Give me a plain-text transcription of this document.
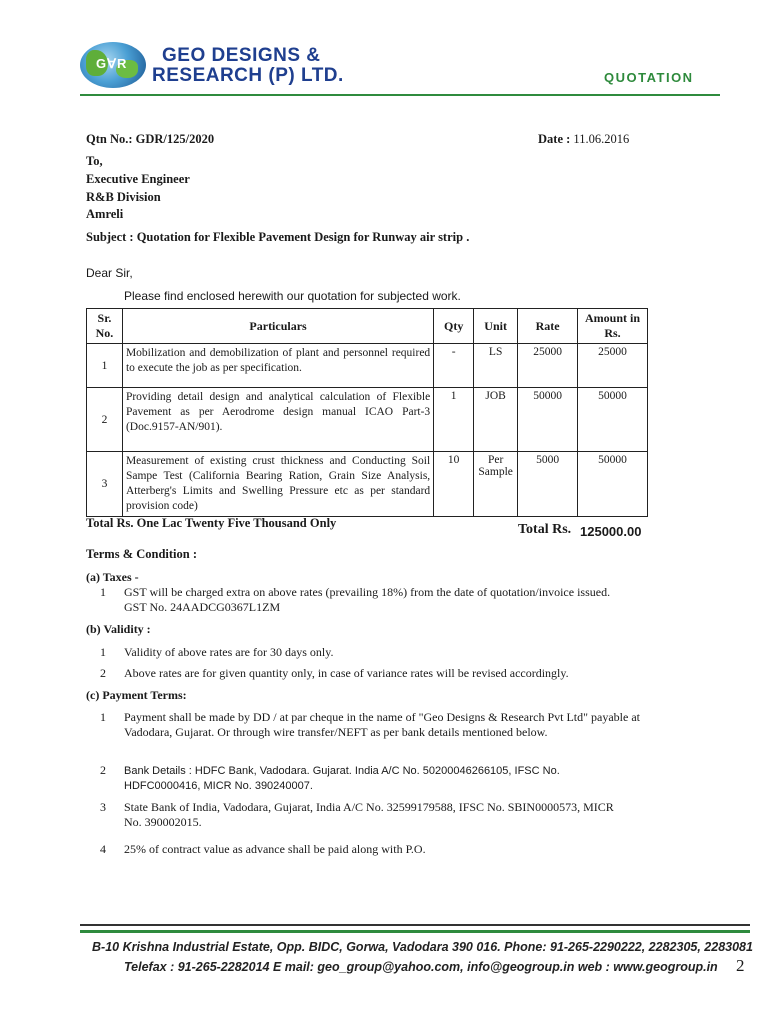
GⱯR GEO DESIGNS &
RESEARCH (P) LTD.	QUOTATION
Qtn No.: GDR/125/2020	Date : 11.06.2016
To,
Executive Engineer
R&B Division
Amreli
Subject : Quotation for Flexible Pavement Design for Runway air strip .
Dear Sir,
Please find enclosed herewith our quotation for subjected work.
Sr. No.	Particulars	Qty	Unit	Rate	Amount in Rs.
1	Mobilization and demobilization of plant and personnel required to execute the job as per specification.	-	LS	25000	25000
2	Providing detail design and analytical calculation of Flexible Pavement as per Aerodrome design manual ICAO Part-3 (Doc.9157-AN/901).	1	JOB	50000	50000
3	Measurement of existing crust thickness and Conducting Soil Sampe Test (California Bearing Ration, Grain Size Analysis, Atterberg's Limits and Swelling Pressure etc as per standard provision code)	10	Per Sample	5000	50000
Total Rs. One Lac Twenty Five Thousand Only	Total Rs. 125000.00
Terms & Condition :
(a) Taxes -
1 GST will be charged extra on above rates (prevailing 18%) from the date of quotation/invoice issued. GST No. 24AADCG0367L1ZM
(b) Validity :
1 Validity of above rates are for 30 days only.
2 Above rates are for given quantity only, in case of variance rates will be revised accordingly.
(c) Payment Terms:
1 Payment shall be made by DD / at par cheque in the name of "Geo Designs & Research Pvt Ltd" payable at Vadodara, Gujarat. Or through wire transfer/NEFT as per bank details mentioned below.
2 Bank Details : HDFC Bank, Vadodara. Gujarat. India A/C No. 50200046266105, IFSC No. HDFC0000416, MICR No. 390240007.
3 State Bank of India, Vadodara, Gujarat, India A/C No. 32599179588, IFSC No. SBIN0000573, MICR No. 390002015.
4 25% of contract value as advance shall be paid along with P.O.
B-10 Krishna Industrial Estate, Opp. BIDC, Gorwa, Vadodara 390 016. Phone: 91-265-2290222, 2282305, 2283081
Telefax : 91-265-2282014 E mail: geo_group@yahoo.com, info@geogroup.in web : www.geogroup.in 2
